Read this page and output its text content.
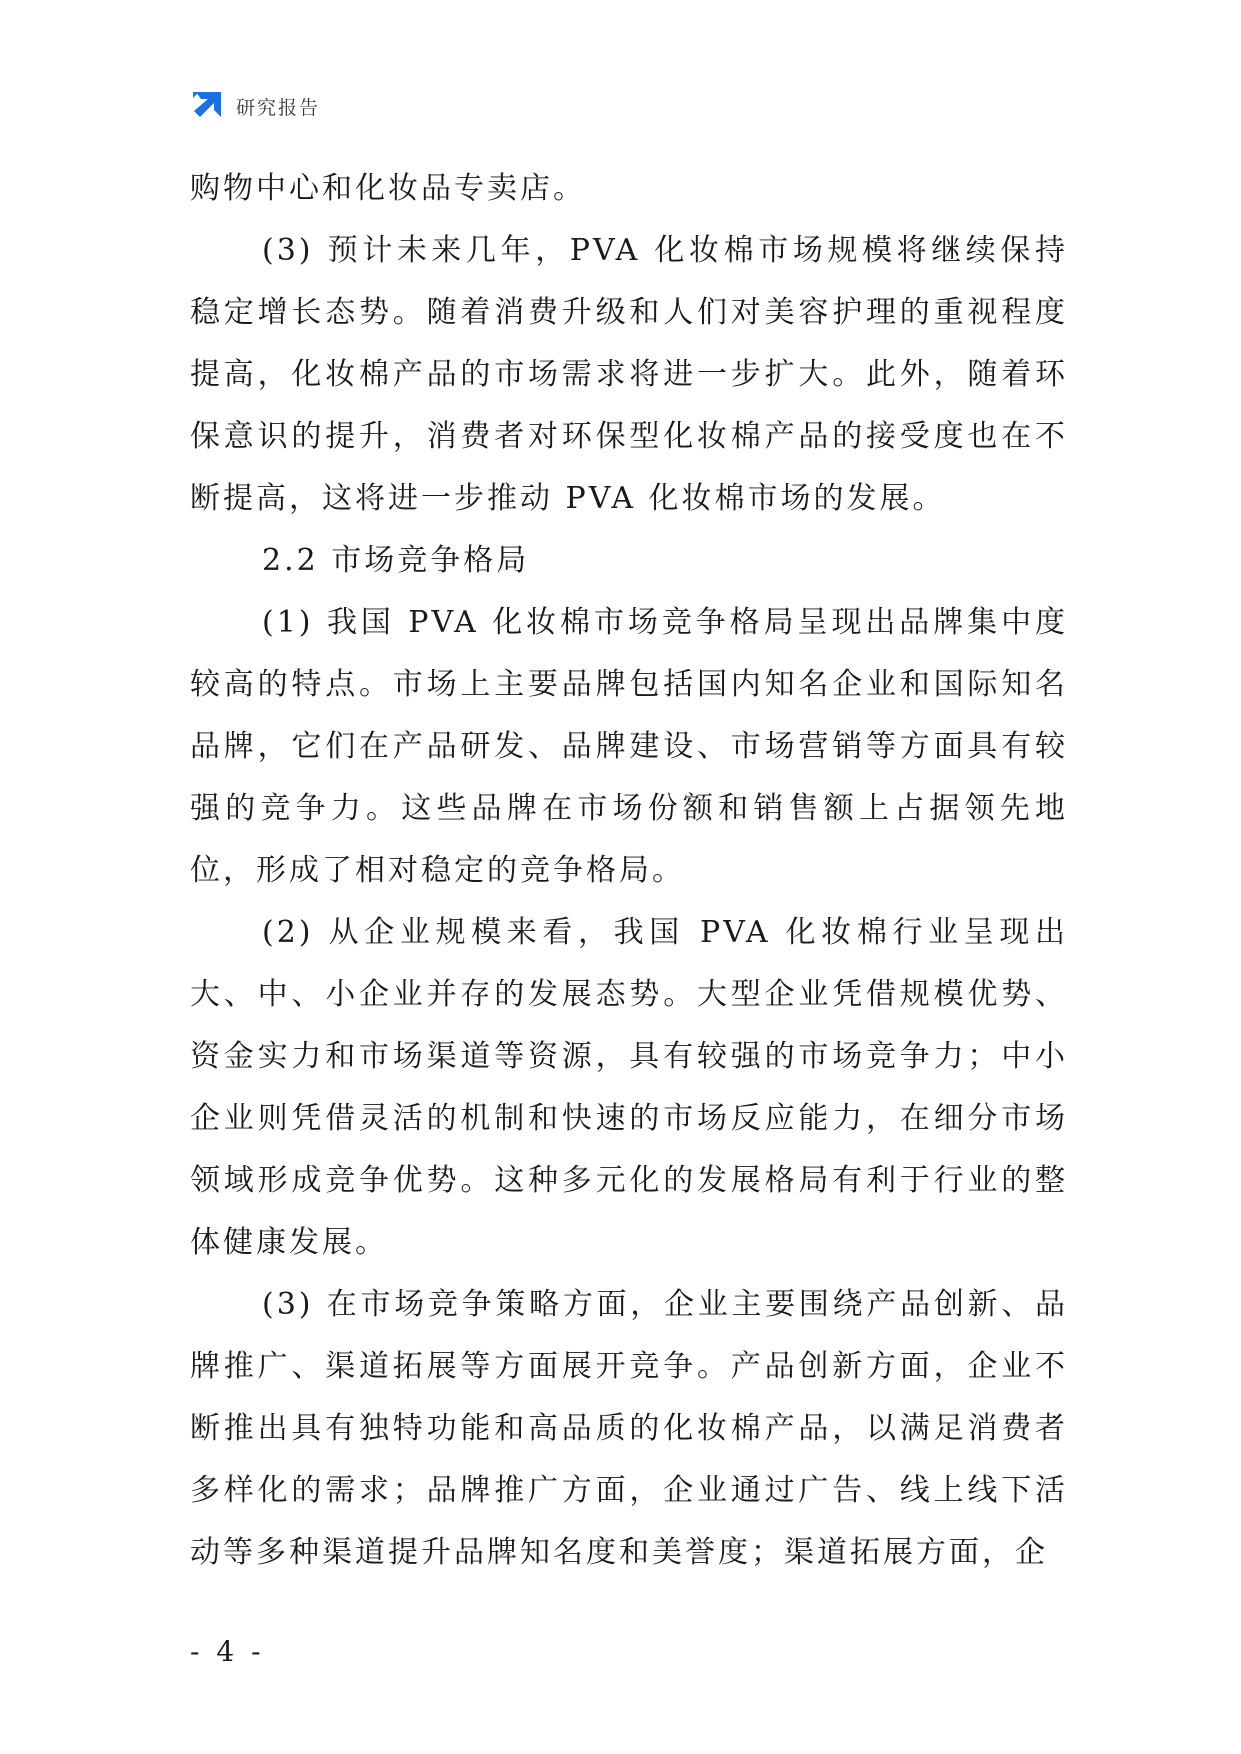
研究报告

购物中心和化妆品专卖店。

(3) 预计未来几年，PVA 化妆棉市场规模将继续保持稳定增长态势。随着消费升级和人们对美容护理的重视程度提高，化妆棉产品的市场需求将进一步扩大。此外，随着环保意识的提升，消费者对环保型化妆棉产品的接受度也在不断提高，这将进一步推动 PVA 化妆棉市场的发展。

2.2 市场竞争格局

(1) 我国 PVA 化妆棉市场竞争格局呈现出品牌集中度较高的特点。市场上主要品牌包括国内知名企业和国际知名品牌，它们在产品研发、品牌建设、市场营销等方面具有较强的竞争力。这些品牌在市场份额和销售额上占据领先地位，形成了相对稳定的竞争格局。

(2) 从企业规模来看，我国 PVA 化妆棉行业呈现出大、中、小企业并存的发展态势。大型企业凭借规模优势、资金实力和市场渠道等资源，具有较强的市场竞争力；中小企业则凭借灵活的机制和快速的市场反应能力，在细分市场领域形成竞争优势。这种多元化的发展格局有利于行业的整体健康发展。

(3) 在市场竞争策略方面，企业主要围绕产品创新、品牌推广、渠道拓展等方面展开竞争。产品创新方面，企业不断推出具有独特功能和高品质的化妆棉产品，以满足消费者多样化的需求；品牌推广方面，企业通过广告、线上线下活动等多种渠道提升品牌知名度和美誉度；渠道拓展方面，企

- 4 -
